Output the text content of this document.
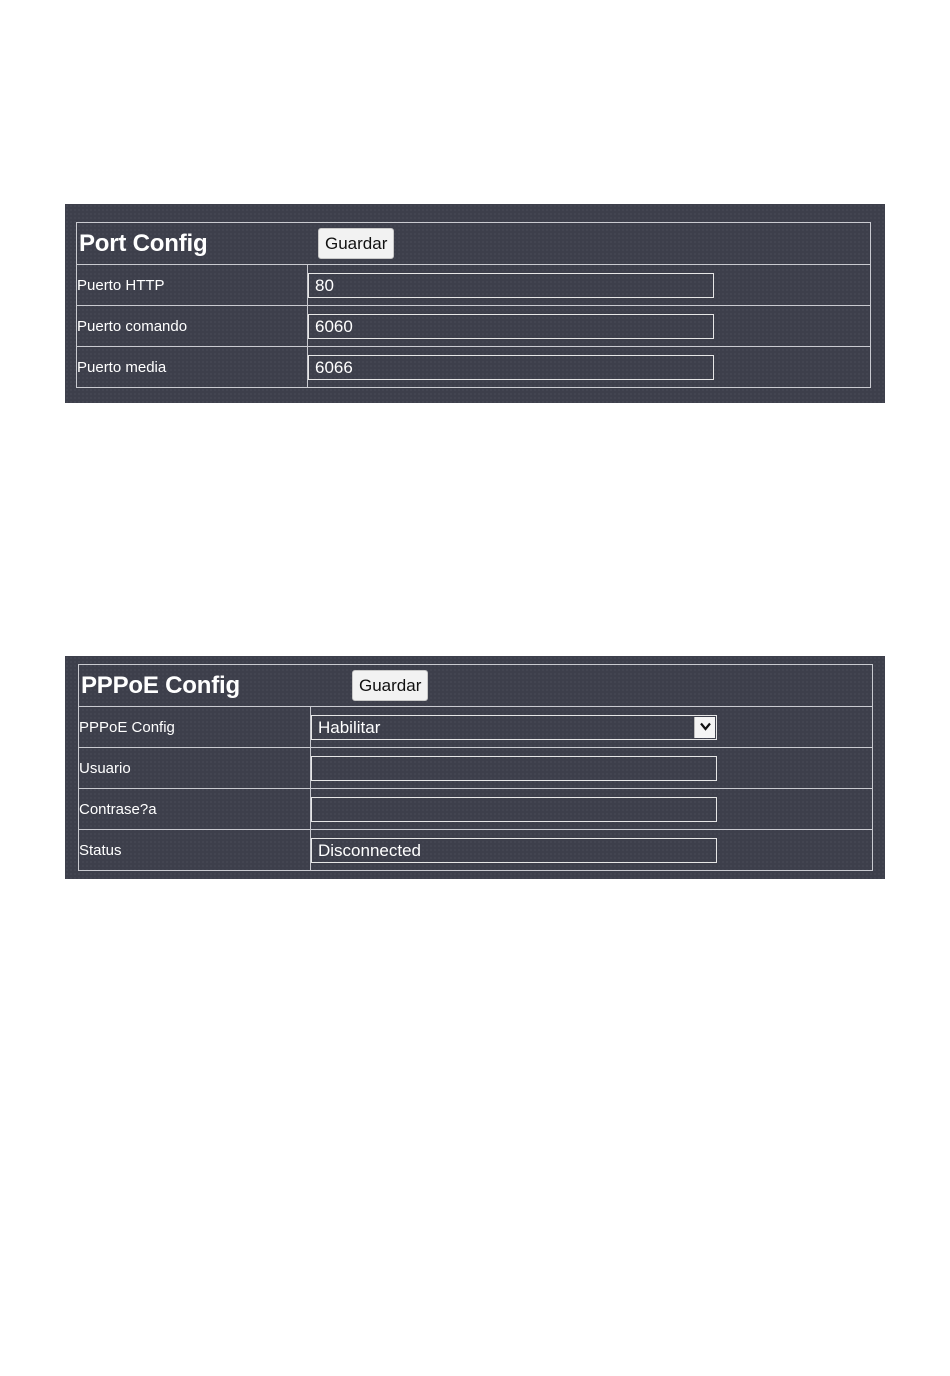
Port Config	Guardar

Puerto HTTP	80
Puerto comando	6060
Puerto media	6066
PPPoE Config	Guardar

PPPoE Config	Habilitar

Usuario	
Contrase?a	
Status	Disconnected
